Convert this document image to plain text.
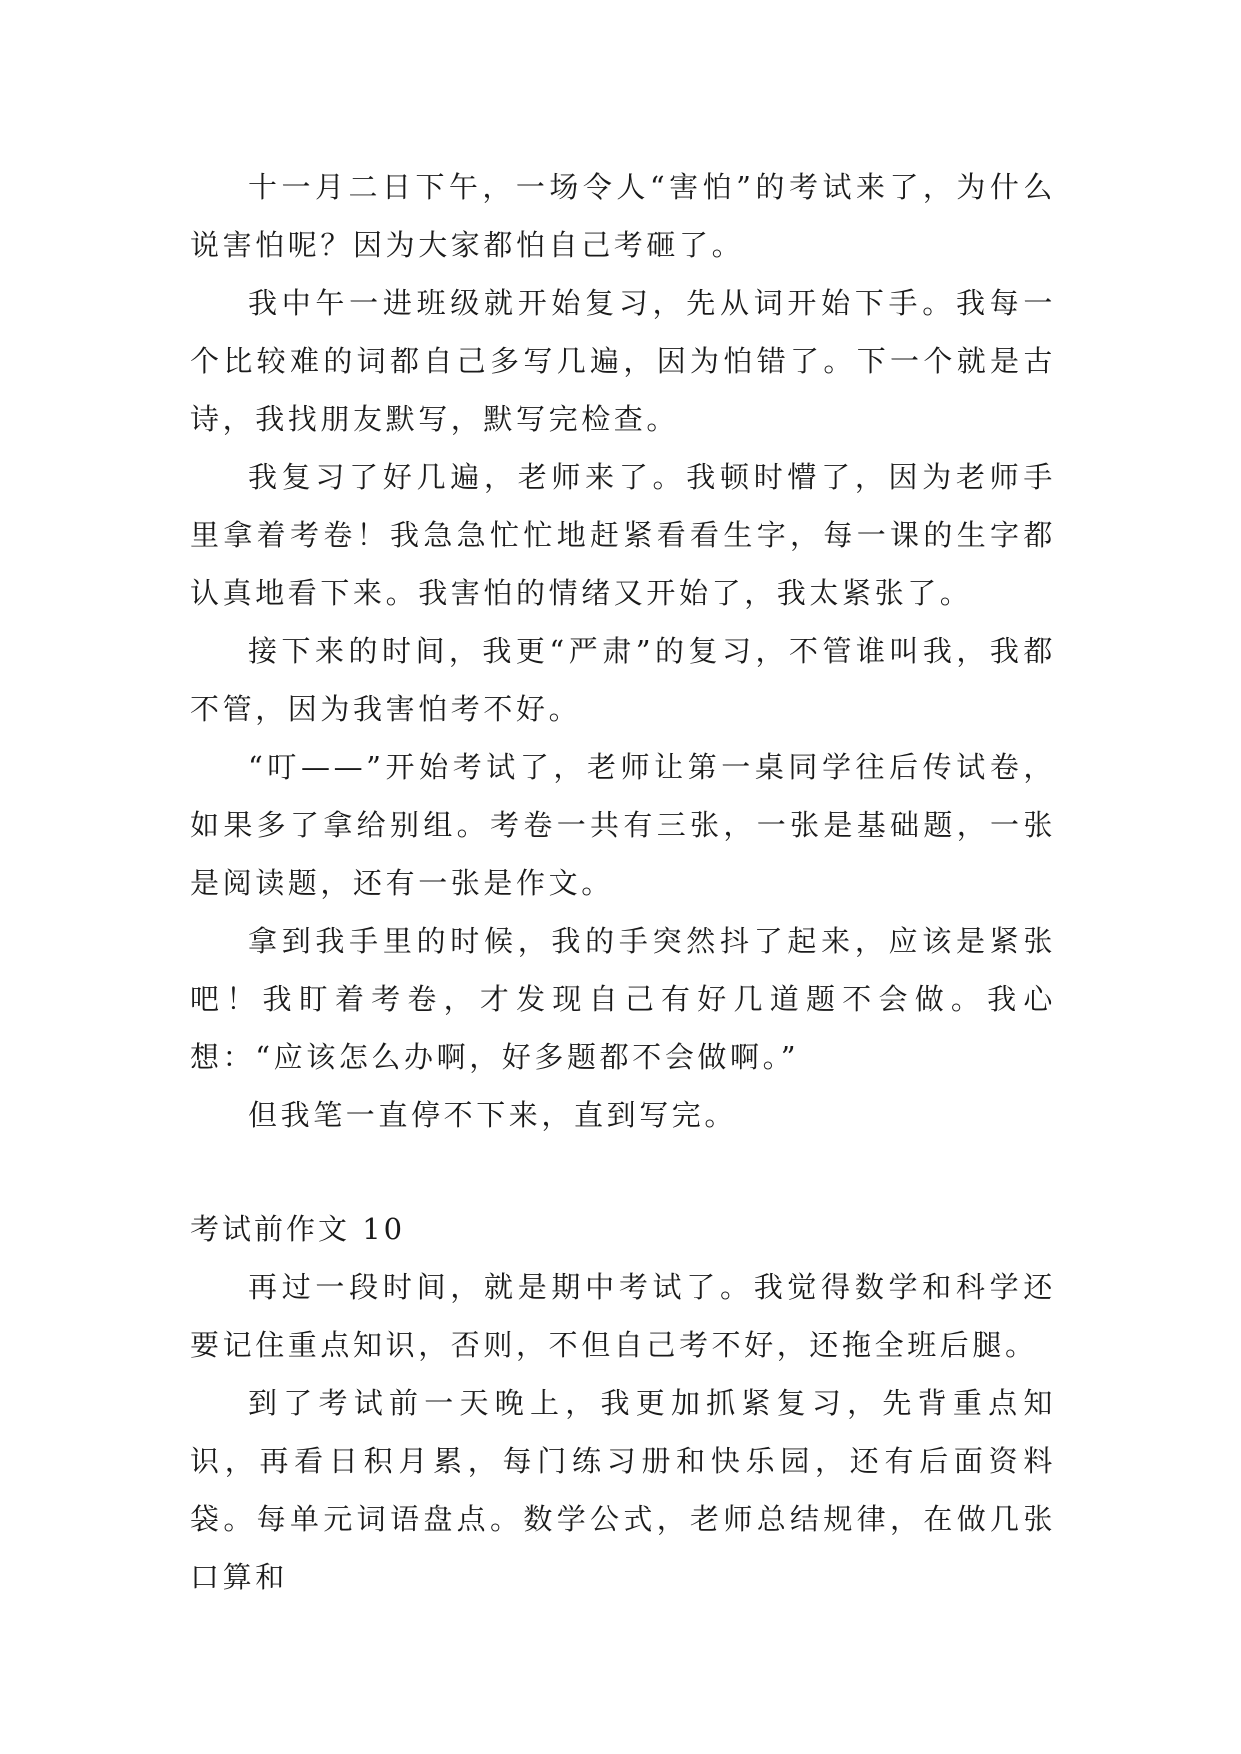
十一月二日下午，一场令人“害怕”的考试来了，为什么说害怕呢？因为大家都怕自己考砸了。

我中午一进班级就开始复习，先从词开始下手。我每一个比较难的词都自己多写几遍，因为怕错了。下一个就是古诗，我找朋友默写，默写完检查。

我复习了好几遍，老师来了。我顿时懵了，因为老师手里拿着考卷！我急急忙忙地赶紧看看生字，每一课的生字都认真地看下来。我害怕的情绪又开始了，我太紧张了。

接下来的时间，我更“严肃”的复习，不管谁叫我，我都不管，因为我害怕考不好。

“叮——”开始考试了，老师让第一桌同学往后传试卷，如果多了拿给别组。考卷一共有三张，一张是基础题，一张是阅读题，还有一张是作文。

拿到我手里的时候，我的手突然抖了起来，应该是紧张吧！我盯着考卷，才发现自己有好几道题不会做。我心想：“应该怎么办啊，好多题都不会做啊。”

但我笔一直停不下来，直到写完。

考试前作文 10

再过一段时间，就是期中考试了。我觉得数学和科学还要记住重点知识，否则，不但自己考不好，还拖全班后腿。

到了考试前一天晚上，我更加抓紧复习，先背重点知识，再看日积月累，每门练习册和快乐园，还有后面资料袋。每单元词语盘点。数学公式，老师总结规律，在做几张口算和
